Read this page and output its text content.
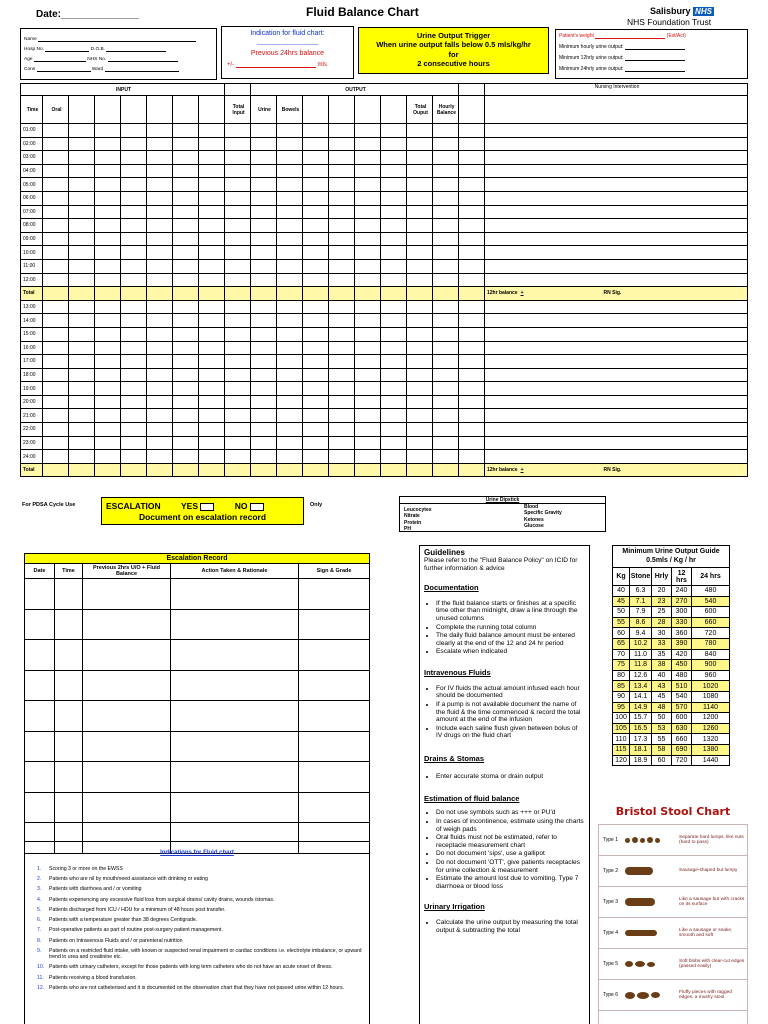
Date:______________	Fluid Balance Chart	Salisbury NHS
NHS Foundation Trust
Name
Hosp No.	D.O.B.
Age	NHS No.
Cons	Ward
Indication for fluid chart:
---------------------------------------------
Previous 24hrs balance
+/-	mls
Urine Output Trigger
When urine output falls below 0.5 mls/kg/hr
for
2 consecutive hours
Patient's weight	(Est/Act)
Minimum hourly urine output:
Minimum 12hrly urine output:
Minimum 24hrly urine output:
INPUT									OUTPUT									Nursing Intervention
Time	Oral							Total Input	Urine	Bowels					Total Ouput	Hourly Balance		
01:00																		
02:00																		
03:00																		
04:00																		
05:00																		
06:00																		
07:00																		
08:00																		
09:00																		
10:00																		
11:00																		
12:00																		
Total																		12hr balance + RN Sig.
13:00																		
14:00																		
15:00																		
16:00																		
17:00																		
18:00																		
19:00																		
20:00																		
21:00																		
22:00																		
23:00																		
24:00																		
Total																		12hr balance + RN Sig.
For PDSA Cycle Use	Only
ESCALATION YES	NO
Document on escalation record
Urine Dipstick
Leucocytes
Nitrate
Protein
PH
Blood
Specific Gravity
Ketones
Glucose
Escalation Record				
Date	Time	Previous 2hrs U/O + Fluid Balance	Action Taken & Rationale	Sign & Grade

Indications for Fluid chart
1.	Scoring 3 or more on the EWSS
2.	Patients who are nil by mouth/need assistance with drinking or eating
3.	Patients with diarrhoea and / or vomiting
4.	Patients experiencing any excessive fluid loss from surgical drains/ cavity drains, wounds /stomas.
5.	Patients discharged from ICU / HDU for a minimum of 48 hours post transfer.
6.	Patients with a temperature greater than 38 degrees Centigrade.
7.	Post-operative patients as part of routine post-surgery patient management.
8.	Patients on Intravenous Fluids and / or parenteral nutrition
9.	Patients on a restricted fluid intake, with known or suspected renal impairment or cardiac conditions i.e. electrolyte imbalance, or upward trend in urea and creatinine etc.
10. Patients with urinary catheters, except for those patients with long term catheters who do not have an acute onset of illness.
11. Patients receiving a blood transfusion.
12. Patients who are not catheterised and it is documented on the observation chart that they have not passed urine within 12 hours.
Guidelines
Please refer to the "Fluid Balance Policy" on ICID for further information & advice
Documentation
• If the fluid balance starts or finishes at a specific time other than midnight, draw a line through the unused columns
• Complete the running total column
• The daily fluid balance amount must be entered clearly at the end of the 12 and 24 hr period
• Escalate when indicated
Intravenous Fluids
• For IV fluids the actual amount infused each hour should be documented
• If a pump is not available document the name of the fluid & the time commenced & record the total amount at the end of the infusion
• Include each saline flush given between bolus of IV drugs on the fluid chart
Drains & Stomas
• Enter accurate stoma or drain output
Estimation of fluid balance
• Do not use symbols such as +++ or PU'd
• In cases of incontinence, estimate using the charts of weigh pads
• Oral fluids must not be estimated, refer to receptacle measurement chart
• Do not document 'sips', use a gallipot
• Do not document 'OTT', give patients receptacles for urine collection & measurement
• Estimate the amount lost due to vomiting. Type 7 diarrhoea or blood loss
Urinary Irrigation
• Calculate the urine output by measuring the total output & subtracting the total
Minimum Urine Output Guide
0.5mls / Kg / hr				

Kg	Stone	Hrly	12 hrs	24 hrs
40	6.3	20	240	480
45	7.1	23	270	540
50	7.9	25	300	600
55	8.6	28	330	660
60	9.4	30	360	720
65	10.2	33	390	780
70	11.0	35	420	840
75	11.8	38	450	900
80	12.6	40	480	960
85	13.4	43	510	1020
90	14.1	45	540	1080
95	14.9	48	570	1140
100	15.7	50	600	1200
105	16.5	53	630	1260
110	17.3	55	660	1320
115	18.1	58	690	1380
120	18.9	60	720	1440
Bristol Stool Chart
Type 1	Separate hard lumps, like nuts (hard to pass)
Type 2	Sausage-shaped but lumpy
Type 3	Like a sausage but with cracks on its surface
Type 4	Like a sausage or snake, smooth and soft
Type 5	Soft blobs with clear-cut edges (passed easily)
Type 6	Fluffy pieces with ragged edges, a mushy stool
